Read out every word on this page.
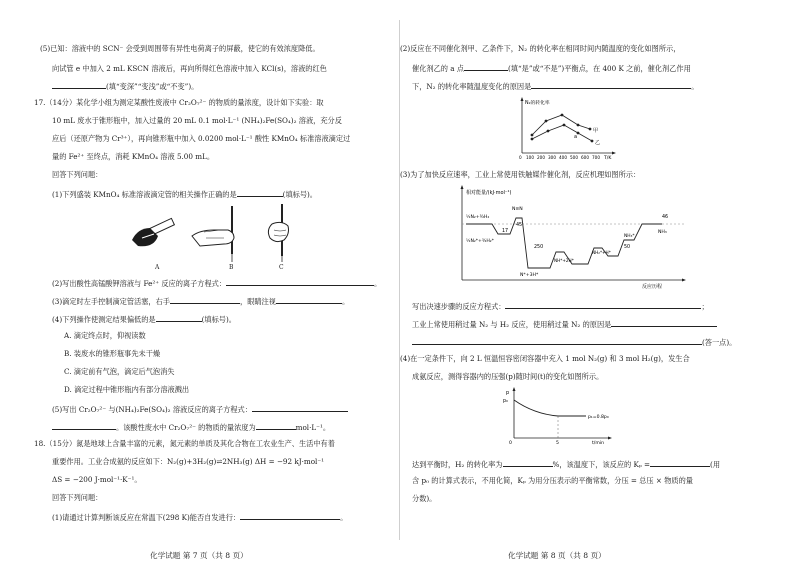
(5)已知：溶液中的 SCN⁻ 会受到周围带有异性电荷离子的屏蔽，使它的有效浓度降低。
向试管 e 中加入 2 mL KSCN 溶液后，再向所得红色溶液中加入 KCl(s)，溶液的红色
(填“变深”“变浅”或“不变”)。
17.（14分）某化学小组为测定某酸性废液中 Cr₂O₇²⁻ 的物质的量浓度，设计如下实验：取
10 mL 废水于锥形瓶中，加入过量的 20 mL 0.1 mol·L⁻¹ (NH₄)₂Fe(SO₄)₂ 溶液，充分反
应后（还原产物为 Cr³⁺），再向锥形瓶中加入 0.0200 mol·L⁻¹ 酸性 KMnO₄ 标准溶液滴定过
量的 Fe²⁺ 至终点，消耗 KMnO₄ 溶液 5.00 mL。
回答下列问题：
(1)下列盛装 KMnO₄ 标准溶液滴定管的相关操作正确的是	(填标号)。
A	B	C
(2)写出酸性高锰酸钾溶液与 Fe²⁺ 反应的离子方程式：	。
(3)滴定时左手控制滴定管活塞，右手	，眼睛注视	。
(4)下列操作使测定结果偏低的是	(填标号)。
A. 滴定终点时，仰视读数
B. 装废水的锥形瓶事先未干燥
C. 滴定前有气泡，滴定后气泡消失
D. 滴定过程中锥形瓶内有部分溶液溅出
(5)写出 Cr₂O₇²⁻ 与(NH₄)₂Fe(SO₄)₂ 溶液反应的离子方程式：
。该酸性废水中 Cr₂O₇²⁻ 的物质的量浓度为	mol·L⁻¹。
18.（15分）氮是地球上含量丰富的元素，氮元素的单质及其化合物在工农业生产、生活中有着
重要作用。工业合成氨的反应如下：N₂(g)+3H₂(g)⇌2NH₃(g) ΔH = −92 kJ·mol⁻¹
ΔS = −200 J·mol⁻¹·K⁻¹。
回答下列问题：
(1)请通过计算判断该反应在常温下(298 K)能否自发进行：	。
化学试题 第 7 页（共 8 页）
(2)反应在不同催化剂甲、乙条件下，N₂ 的转化率在相同时间内随温度的变化如图所示，
催化剂乙的 a 点	(填“是”或“不是”)平衡点，在 400 K 之前，催化剂乙作用
下，N₂ 的转化率随温度变化的原因是	。
N₂的转化率
a
甲
乙
0 100 200 300 400 500 600 700 T/K
(3)为了加快反应速率，工业上常使用铁触媒作催化剂，反应机理如图所示：
相对能量/(kJ·mol⁻¹)
½N₂+³⁄₂H₂
½N₂*+³⁄₂H₂*
N*+3H*
NH*+2H*
NH₂*+H*
NH₃*
NH₃
N≡N
17
45
250	50
46
反应历程
写出决速步骤的反应方程式：	；
工业上常使用稍过量 N₂ 与 H₂ 反应，使用稍过量 N₂ 的原因是
(答一点)。
(4)在一定条件下，向 2 L 恒温恒容密闭容器中充入 1 mol N₂(g) 和 3 mol H₂(g)，发生合
成氨反应，测得容器内的压强(p)随时间(t)的变化如图所示。
p
p₀
p₁=0.8p₀
0	5	t/min
达到平衡时，H₂ 的转化率为	%，该温度下，该反应的 Kₚ =	(用
含 p₀ 的计算式表示，不用化简，Kₚ 为用分压表示的平衡常数，分压 = 总压 × 物质的量
分数)。
化学试题 第 8 页（共 8 页）
